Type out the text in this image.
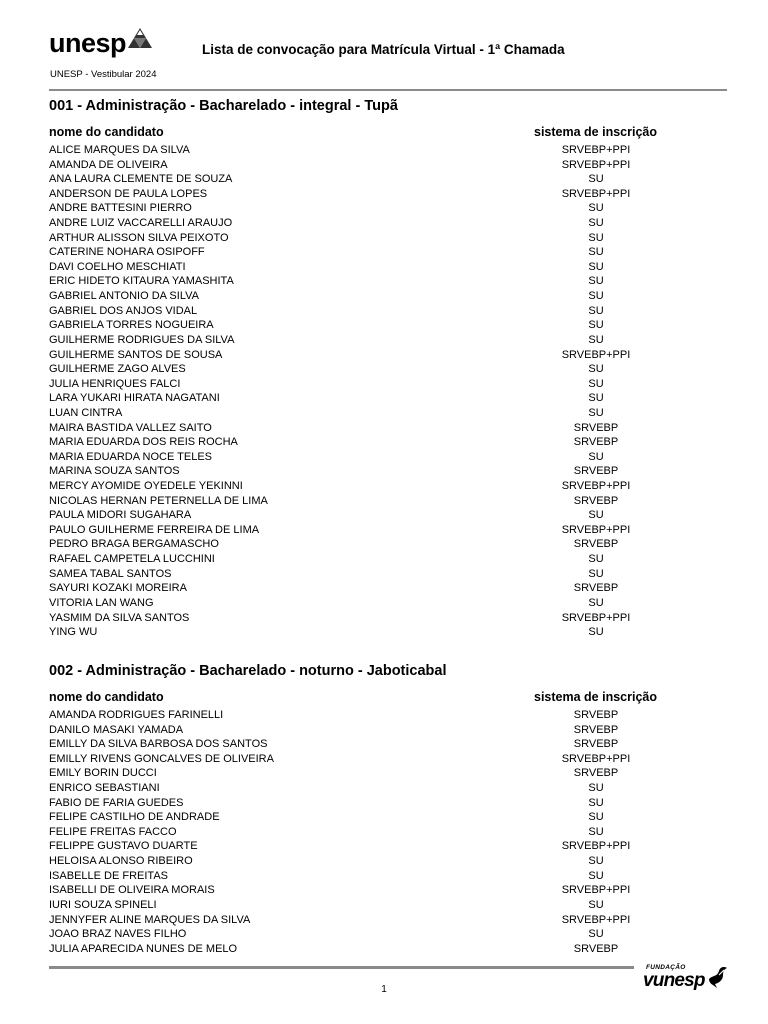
unesp	Lista de convocação para Matrícula Virtual - 1ª Chamada
UNESP - Vestibular 2024
001 - Administração - Bacharelado - integral - Tupã
nome do candidato	sistema de inscrição
ALICE MARQUES DA SILVA	SRVEBP+PPI
AMANDA DE OLIVEIRA	SRVEBP+PPI
ANA LAURA CLEMENTE DE SOUZA	SU
ANDERSON DE PAULA LOPES	SRVEBP+PPI
ANDRE BATTESINI PIERRO	SU
ANDRE LUIZ VACCARELLI ARAUJO	SU
ARTHUR ALISSON SILVA PEIXOTO	SU
CATERINE NOHARA OSIPOFF	SU
DAVI COELHO MESCHIATI	SU
ERIC HIDETO KITAURA YAMASHITA	SU
GABRIEL ANTONIO DA SILVA	SU
GABRIEL DOS ANJOS VIDAL	SU
GABRIELA TORRES NOGUEIRA	SU
GUILHERME RODRIGUES DA SILVA	SU
GUILHERME SANTOS DE SOUSA	SRVEBP+PPI
GUILHERME ZAGO ALVES	SU
JULIA HENRIQUES FALCI	SU
LARA YUKARI HIRATA NAGATANI	SU
LUAN CINTRA	SU
MAIRA BASTIDA VALLEZ SAITO	SRVEBP
MARIA EDUARDA DOS REIS ROCHA	SRVEBP
MARIA EDUARDA NOCE TELES	SU
MARINA SOUZA SANTOS	SRVEBP
MERCY AYOMIDE OYEDELE YEKINNI	SRVEBP+PPI
NICOLAS HERNAN PETERNELLA DE LIMA	SRVEBP
PAULA MIDORI SUGAHARA	SU
PAULO GUILHERME FERREIRA DE LIMA	SRVEBP+PPI
PEDRO BRAGA BERGAMASCHO	SRVEBP
RAFAEL CAMPETELA LUCCHINI	SU
SAMEA TABAL SANTOS	SU
SAYURI KOZAKI MOREIRA	SRVEBP
VITORIA LAN WANG	SU
YASMIM DA SILVA SANTOS	SRVEBP+PPI
YING WU	SU
002 - Administração - Bacharelado - noturno - Jaboticabal
nome do candidato	sistema de inscrição
AMANDA RODRIGUES FARINELLI	SRVEBP
DANILO MASAKI YAMADA	SRVEBP
EMILLY DA SILVA BARBOSA DOS SANTOS	SRVEBP
EMILLY RIVENS GONCALVES DE OLIVEIRA	SRVEBP+PPI
EMILY BORIN DUCCI	SRVEBP
ENRICO SEBASTIANI	SU
FABIO DE FARIA GUEDES	SU
FELIPE CASTILHO DE ANDRADE	SU
FELIPE FREITAS FACCO	SU
FELIPPE GUSTAVO DUARTE	SRVEBP+PPI
HELOISA ALONSO RIBEIRO	SU
ISABELLE DE FREITAS	SU
ISABELLI DE OLIVEIRA MORAIS	SRVEBP+PPI
IURI SOUZA SPINELI	SU
JENNYFER ALINE MARQUES DA SILVA	SRVEBP+PPI
JOAO BRAZ NAVES FILHO	SU
JULIA APARECIDA NUNES DE MELO	SRVEBP
1
FUNDAÇÃO
vunesp
